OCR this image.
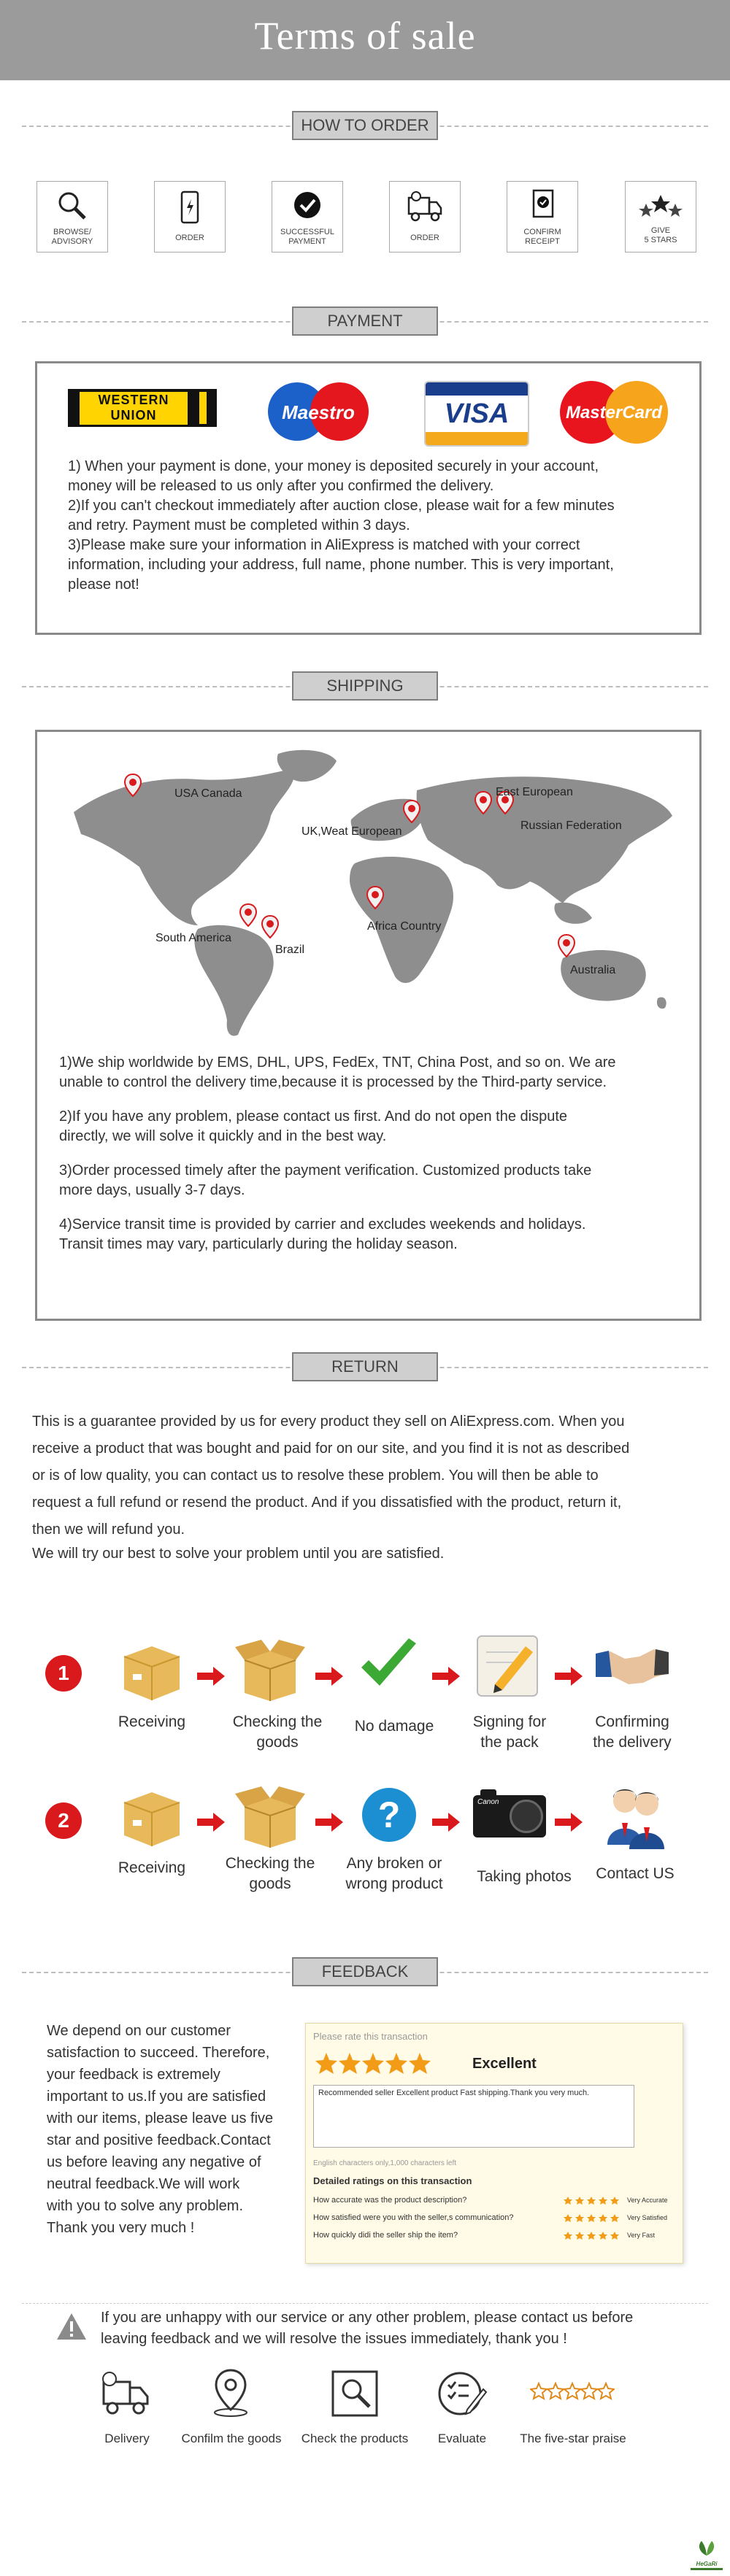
Terms of sale
HOW TO ORDER
BROWSE/
ADVISORY	ORDER
SUCCESSFUL
PAYMENT	ORDER
CONFIRM
RECEIPT
GIVE
5 STARS
PAYMENT
WESTERN
UNION	Maestro	VISA	MasterCard

1) When your payment is done, your money is deposited securely in your account,
money will be released to us only after you confirmed the delivery.
2)If you can't checkout immediately after auction close, please wait for a few minutes
and retry. Payment must be completed within 3 days.
3)Please make sure your information in AliExpress is matched with your correct
information, including your address, full name, phone number. This is very important,
please not!

SHIPPING
USA Canada
UK,Weat European
East European
Russian Federation
South America
Brazil
Africa Country
Australia

1)We ship worldwide by EMS, DHL, UPS, FedEx, TNT, China Post, and so on. We are
unable to control the delivery time,because it is processed by the Third-party service.

2)If you have any problem, please contact us first. And do not open the dispute
directly, we will solve it quickly and in the best way.

3)Order processed timely after the payment verification. Customized products take
more days, usually 3-7 days.

4)Service transit time is provided by carrier and excludes weekends and holidays.
Transit times may vary, particularly during the holiday season.

RETURN

This is a guarantee provided by us for every product they sell on AliExpress.com. When you
receive a product that was bought and paid for on our site, and you find it is not as described
or is of low quality, you can contact us to resolve these problem. You will then be able to
request a full refund or resend the product. And if you dissatisfied with the product, return it,
then we will refund you.
We will try our best to solve your problem until you are satisfied.

1
Receiving	Checking the
goods
No damage	Signing for
the pack
Confirming
the delivery
2	?	Canon
Receiving	Checking the
goods
Any broken or
wrong product	Taking photos	Contact US
FEEDBACK

We depend on our customer
satisfaction to succeed. Therefore,
your feedback is extremely
important to us.If you are satisfied
with our items, please leave us five
star and positive feedback.Contact
us before leaving any negative of
neutral feedback.We will work
with you to solve any problem.
Thank you very much !

Please rate this transaction
Excellent
Recommended seller Excellent product Fast shipping.Thank you very much.
English characters only,1,000 characters left
Detailed ratings on this transaction
How accurate was the product description?
How satisfied were you with the seller,s communication?
How quickly didi the seller ship the item?
Very Accurate
Very Satisfied
Very Fast

If you are unhappy with our service or any other problem, please contact us before
leaving feedback and we will resolve the issues immediately, thank you !

Delivery	Confilm the goods	Check the products	Evaluate	The five-star praise
HeGaRi
